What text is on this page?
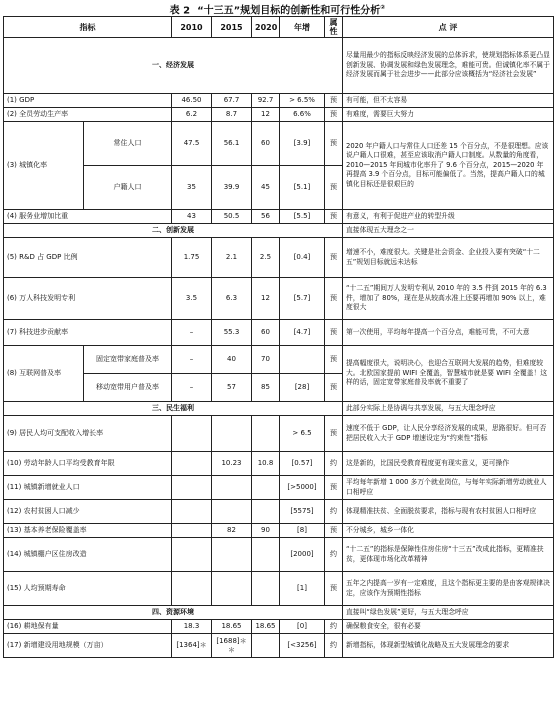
表 2 “十三五”规划目标的创新性和可行性分析②
指标		2010	2015	2020	年增	属性	点 评
一、经济发展							尽量用最少的指标反映经济发展的总体诉求，使规划指标体系更凸显创新发展、协调发展和绿色发展理念，难能可贵。但诚镇化率不属于经济发展而属于社会进步——此部分应该概括为“经济社会发展”
(1) GDP		46.50	67.7	92.7	> 6.5%	预	有可能，但不太容易
(2) 全员劳动生产率		6.2	8.7	12	6.6%	预	有难度，需要巨大努力
(3) 城镇化率	常住人口	47.5	56.1	60	[3.9]	预	2020 年户籍人口与常住人口还差 15 个百分点，不是很理想。应该说户籍人口很难，甚至应该取消户籍人口制度。从数量的角度看，2010—2015 年间城市化率升了 9.6 个百分点，2015—2020 年再提高 3.9 个百分点，目标可能偏低了。当然，提高户籍人口的城镇化目标还是很艰巨的
	户籍人口	35	39.9	45	[5.1]	预	
(4) 服务业增加比重		43	50.5	56	[5.5]	预	有意义，有利于促进产业的转型升级
二、创新发展							直接体现五大理念之一
(5) R&D 占 GDP 比例		1.75	2.1	2.5	[0.4]	预	增速不小，难度很大。关键是社会资金、企业投入要有突破“十二五”规划目标就远未达标
(6) 万人科技发明专利		3.5	6.3	12	[5.7]	预	“十二五”期间万人发明专利从 2010 年的 3.5 件到 2015 年的 6.3 件，增加了 80%，现在是从较高水准上还要再增加 90% 以上，难度很大
(7) 科技进步贡献率		–	55.3	60	[4.7]	预	第一次使用，平均每年提高一个百分点，难能可贵，不可大意
(8) 互联网普及率	固定宽带家庭普及率	–	40	70		预	提高幅度很大，说明决心，也迎合互联网大发展的趋势，但难度较大。北欧国家提前 WIFI 全覆盖，智慧城市就是要 WIFI 全覆盖！这样的话，固定宽带家庭普及率就不重要了
	移动宽带用户普及率	–	57	85	[28]	预	
三、民生福利							此部分实际上是协调与共享发展，与五大理念呼应
(9) 居民人均可支配收入增长率					> 6.5	预	速度不低于 GDP，让人民分享经济发展的成果，思路很好。但可否把居民收入大于 GDP 增速设定为“约束性”指标
(10) 劳动年龄人口平均受教育年限			10.23	10.8	[0.57]	约	这是新的，比国民受教育程度更有现实意义，更可操作
(11) 城镇新增就业人口					[>5000]	预	平均每年新增 1 000 多万个就业岗位，与每年实际新增劳动就业人口相呼应
(12) 农村贫困人口减少					[5575]	约	体现精准扶贫、全面脱贫要求，指标与现有农村贫困人口相呼应
(13) 基本养老保险覆盖率			82	90	[8]	预	不分城乡，城乡一体化
(14) 城镇棚户区住房改造					[2000]	约	“十二五”的指标是保障性住房住房“十三五”改成此指标，更精准扶贫，更体现市场化改革精神
(15) 人均预期寿命					[1]	预	五年之内提高一岁有一定难度，且这个指标更主要的是由客观规律决定，应该作为预期性指标
四、资源环境							直接叫“绿色发展”更好，与五大理念呼应
(16) 耕地保有量		18.3	18.65	18.65	[0]	约	确保粮食安全，很有必要
(17) 新增建设用地规模（万亩）		[1364]＊	[1688]＊＊		[<3256]	约	新增指标，体现新型城镇化战略及五大发展理念的要求
